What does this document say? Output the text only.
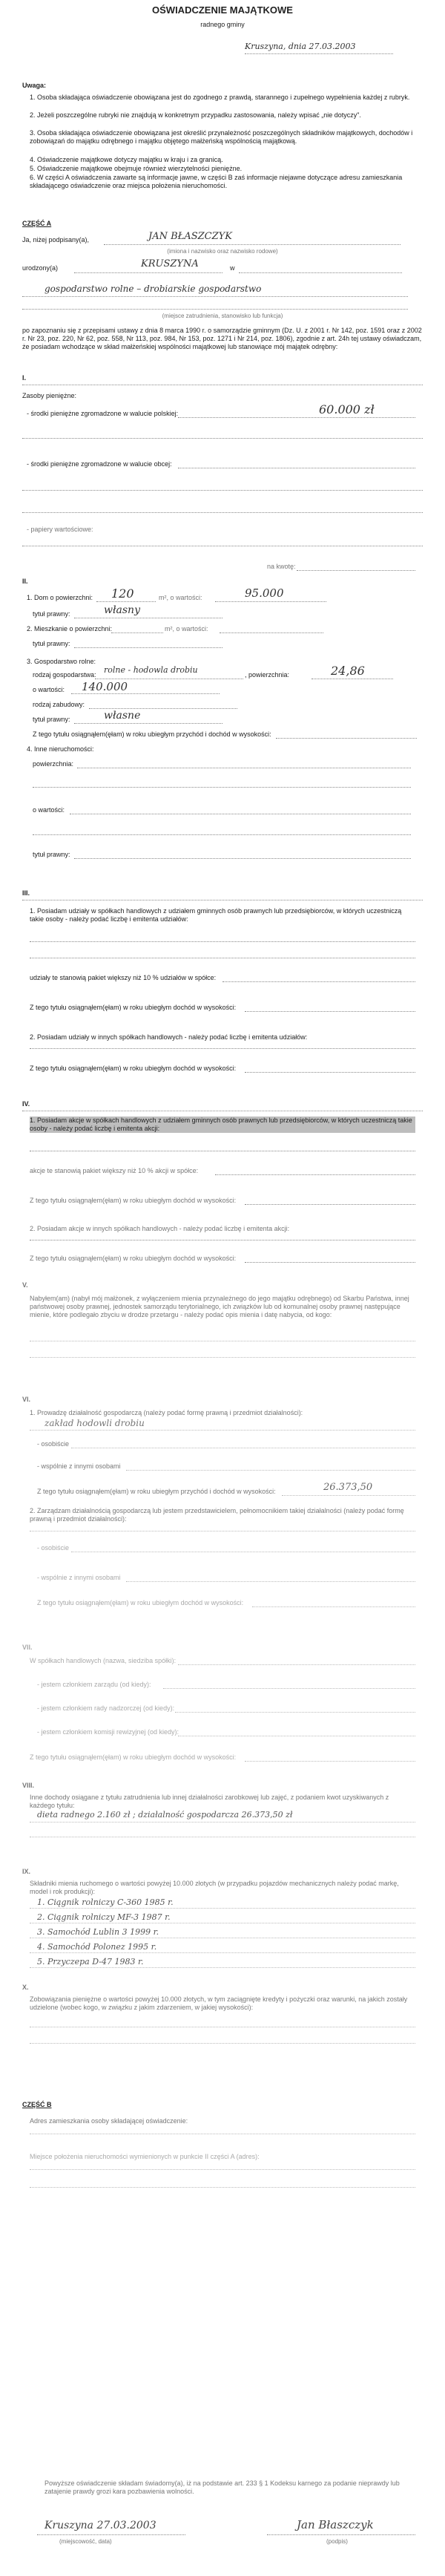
OŚWIADCZENIE MAJĄTKOWE
radnego gminy
Kruszyna, dnia 27.03.2003
Uwaga:
1. Osoba składająca oświadczenie obowiązana jest do zgodnego z prawdą, starannego i zupełnego wypełnienia każdej z rubryk.
2. Jeżeli poszczególne rubryki nie znajdują w konkretnym przypadku zastosowania, należy wpisać „nie dotyczy".
3. Osoba składająca oświadczenie obowiązana jest określić przynależność poszczególnych składników majątkowych, dochodów i zobowiązań do majątku odrębnego i majątku objętego małżeńską wspólnością majątkową.
4. Oświadczenie majątkowe dotyczy majątku w kraju i za granicą.
5. Oświadczenie majątkowe obejmuje również wierzytelności pieniężne.
6. W części A oświadczenia zawarte są informacje jawne, w części B zaś informacje niejawne dotyczące adresu zamieszkania składającego oświadczenie oraz miejsca położenia nieruchomości.
CZĘŚĆ A
Ja, niżej podpisany(a),	JAN BŁASZCZYK
(imiona i nazwisko oraz nazwisko rodowe)
urodzony(a)	KRUSZYNA	w
gospodarstwo rolne – drobiarskie gospodarstwo
(miejsce zatrudnienia, stanowisko lub funkcja)
po zapoznaniu się z przepisami ustawy z dnia 8 marca 1990 r. o samorządzie gminnym (Dz. U. z 2001 r. Nr 142, poz. 1591 oraz z 2002 r. Nr 23, poz. 220, Nr 62, poz. 558, Nr 113, poz. 984, Nr 153, poz. 1271 i Nr 214, poz. 1806), zgodnie z art. 24h tej ustawy oświadczam, że posiadam wchodzące w skład małżeńskiej wspólności majątkowej lub stanowiące mój majątek odrębny:
I.
Zasoby pieniężne:
- środki pieniężne zgromadzone w walucie polskiej:	60.000 zł
- środki pieniężne zgromadzone w walucie obcej:
- papiery wartościowe:
na kwotę:
II.
1. Dom o powierzchni: 120	m², o wartości:	95.000
tytuł prawny:	własny
2. Mieszkanie o powierzchni:	m², o wartości:
tytuł prawny:
3. Gospodarstwo rolne:
rodzaj gospodarstwa: rolne - hodowla drobiu	, powierzchnia:	24,86
o wartości: 140.000
rodzaj zabudowy:
tytuł prawny:	własne
Z tego tytułu osiągnąłem(ęłam) w roku ubiegłym przychód i dochód w wysokości:
4. Inne nieruchomości:
powierzchnia:
o wartości:
tytuł prawny:
III.
1. Posiadam udziały w spółkach handlowych z udziałem gminnych osób prawnych lub przedsiębiorców, w których uczestniczą takie osoby - należy podać liczbę i emitenta udziałów:
udziały te stanowią pakiet większy niż 10 % udziałów w spółce:
Z tego tytułu osiągnąłem(ęłam) w roku ubiegłym dochód w wysokości:
2. Posiadam udziały w innych spółkach handlowych - należy podać liczbę i emitenta udziałów:
Z tego tytułu osiągnąłem(ęłam) w roku ubiegłym dochód w wysokości:
IV.
1. Posiadam akcje w spółkach handlowych z udziałem gminnych osób prawnych lub przedsiębiorców, w których uczestniczą takie osoby - należy podać liczbę i emitenta akcji:
akcje te stanowią pakiet większy niż 10 % akcji w spółce:
Z tego tytułu osiągnąłem(ęłam) w roku ubiegłym dochód w wysokości:
2. Posiadam akcje w innych spółkach handlowych - należy podać liczbę i emitenta akcji:
Z tego tytułu osiągnąłem(ęłam) w roku ubiegłym dochód w wysokości:
V.
Nabyłem(am) (nabył mój małżonek, z wyłączeniem mienia przynależnego do jego majątku odrębnego) od Skarbu Państwa, innej państwowej osoby prawnej, jednostek samorządu terytorialnego, ich związków lub od komunalnej osoby prawnej następujące mienie, które podlegało zbyciu w drodze przetargu - należy podać opis mienia i datę nabycia, od kogo:
VI.
1. Prowadzę działalność gospodarczą (należy podać formę prawną i przedmiot działalności):
zakład hodowli drobiu
- osobiście
- wspólnie z innymi osobami
Z tego tytułu osiągnąłem(ęłam) w roku ubiegłym przychód i dochód w wysokości:	26.373,50
2. Zarządzam działalnością gospodarczą lub jestem przedstawicielem, pełnomocnikiem takiej działalności (należy podać formę prawną i przedmiot działalności):
- osobiście
- wspólnie z innymi osobami
Z tego tytułu osiągnąłem(ęłam) w roku ubiegłym dochód w wysokości:
VII.
W spółkach handlowych (nazwa, siedziba spółki):
- jestem członkiem zarządu (od kiedy):
- jestem członkiem rady nadzorczej (od kiedy):
- jestem członkiem komisji rewizyjnej (od kiedy):
Z tego tytułu osiągnąłem(ęłam) w roku ubiegłym dochód w wysokości:
VIII.
Inne dochody osiągane z tytułu zatrudnienia lub innej działalności zarobkowej lub zajęć, z podaniem kwot uzyskiwanych z każdego tytułu:
dieta radnego 2.160 zł ; działalność gospodarcza 26.373,50 zł
IX.
Składniki mienia ruchomego o wartości powyżej 10.000 złotych (w przypadku pojazdów mechanicznych należy podać markę, model i rok produkcji):
1. Ciągnik rolniczy C-360 1985 r.
2. Ciągnik rolniczy MF-3 1987 r.
3. Samochód Lublin 3 1999 r.
4. Samochód Polonez 1995 r.
5. Przyczepa D-47 1983 r.
X.
Zobowiązania pieniężne o wartości powyżej 10.000 złotych, w tym zaciągnięte kredyty i pożyczki oraz warunki, na jakich zostały udzielone (wobec kogo, w związku z jakim zdarzeniem, w jakiej wysokości):
CZĘŚĆ B
Adres zamieszkania osoby składającej oświadczenie:
Miejsce położenia nieruchomości wymienionych w punkcie II części A (adres):
Powyższe oświadczenie składam świadomy(a), iż na podstawie art. 233 § 1 Kodeksu karnego za podanie nieprawdy lub zatajenie prawdy grozi kara pozbawienia wolności.
Kruszyna 27.03.2003
(miejscowość, data)
Jan Błaszczyk
(podpis)
